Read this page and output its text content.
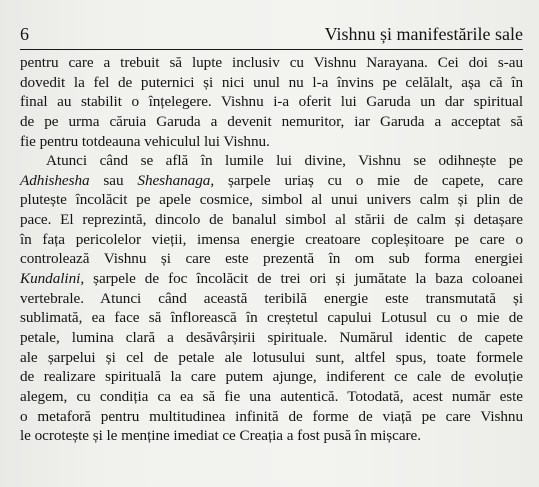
6	Vishnu și manifestările sale
pentru care a trebuit să lupte inclusiv cu Vishnu Narayana. Cei doi s-au
dovedit la fel de puternici și nici unul nu l-a învins pe celălalt, așa că în
final au stabilit o înțelegere. Vishnu i-a oferit lui Garuda un dar spiritual
de pe urma căruia Garuda a devenit nemuritor, iar Garuda a acceptat să
fie pentru totdeauna vehiculul lui Vishnu.
Atunci când se află în lumile lui divine, Vishnu se odihnește pe
Adhishesha sau Sheshanaga, șarpele uriaș cu o mie de capete, care
plutește încolăcit pe apele cosmice, simbol al unui univers calm și plin de
pace. El reprezintă, dincolo de banalul simbol al stării de calm și detașare
în fața pericolelor vieții, imensa energie creatoare copleșitoare pe care o
controlează Vishnu și care este prezentă în om sub forma energiei
Kundalini, șarpele de foc încolăcit de trei ori și jumătate la baza coloanei
vertebrale. Atunci când această teribilă energie este transmutată și
sublimată, ea face să înflorească în creștetul capului Lotusul cu o mie de
petale, lumina clară a desăvârșirii spirituale. Numărul identic de capete
ale șarpelui și cel de petale ale lotusului sunt, altfel spus, toate formele
de realizare spirituală la care putem ajunge, indiferent ce cale de evoluție
alegem, cu condiția ca ea să fie una autentică. Totodată, acest număr este
o metaforă pentru multitudinea infinită de forme de viață pe care Vishnu
le ocrotește și le menține imediat ce Creația a fost pusă în mișcare.
